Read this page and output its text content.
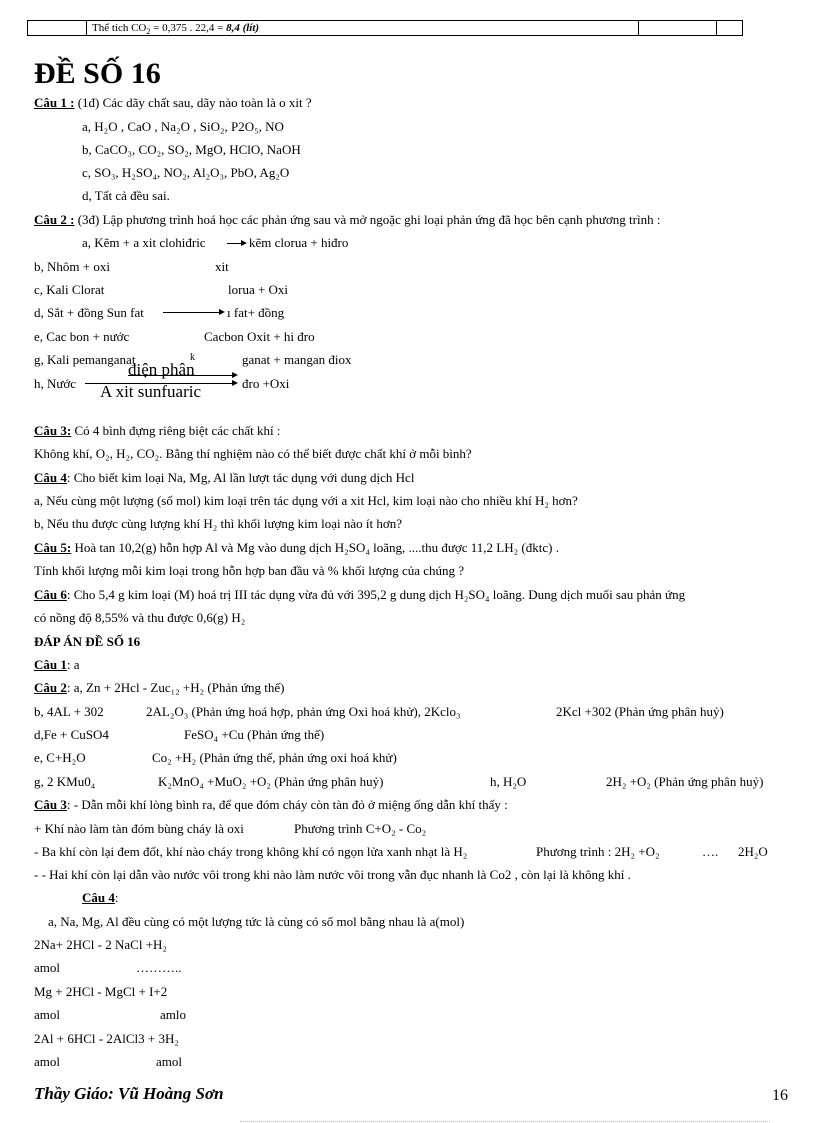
Thể tích $CO_2 = 0,375$ . 22,4 = 8,4 (lít)
ĐỀ SỐ 16
Câu 1 : (1đ) Các dãy chất sau, dãy nào toàn là o xit ?
a, H₂O , CaO , Na₂O , SiO₂, P2O₅, NO
b, CaCO₃, CO₂, SO₂, MgO, HClO, NaOH
c, SO₃, H₂SO₄, NO₂, Al₂O₃, PbO, Ag₂O
d, Tất cả đều sai.
Câu 2 : (3đ) Lập phương trình hoá học các phản ứng sau và mở ngoặc ghi loại phản ứng đã học bên cạnh phương trình :
a, Kẽm + a xit clohiđric → kẽm clorua + hiđro
b, Nhôm + oxi	xit
c, Kali Clorat	lorua + Oxi
d, Sắt + đồng Sun fat	ı fat+ đồng
e, Cac bon + nước	Cacbon Oxit + hi đro
g, Kali pemanganat	k	ganat + mangan điox
điện phân
h, Nước	đro +Oxi
A xit sunfuaric
Câu 3: Có 4 bình đựng riêng biệt các chất khí :
Không khí, O₂, H₂, CO₂. Bằng thí nghiệm nào có thể biết được chất khí ở mỗi bình?
Câu 4: Cho biết kim loại Na, Mg, Al lần lượt tác dụng với dung dịch Hcl
a, Nếu cùng một lượng (số mol) kim loại trên tác dụng với a xit Hcl, kim loại nào cho nhiều khí H₂ hơn?
b, Nếu thu được cùng lượng khí H₂ thì khối lượng kim loại nào ít hơn?
Câu 5: Hoà tan 10,2(g) hỗn hợp Al và Mg vào dung dịch H₂SO₄ loãng, ....thu được 11,2 LH₂ (đktc) .
Tính khối lượng mỗi kim loại trong hỗn hợp ban đầu và % khối lượng của chúng ?
Câu 6: Cho 5,4 g kim loại (M) hoá trị III tác dụng vừa đủ với 395,2 g dung dịch H₂SO₄ loãng. Dung dịch muối sau phản ứng
có nồng độ 8,55% và thu được 0,6(g) H₂
ĐÁP ÁN ĐỀ SỐ 16
Câu 1: a
Câu 2: a, Zn + 2Hcl - Zuc₁₂ +H₂ (Phản ứng thế)
b, 4AL + 302	2AL₂O₃ (Phản ứng hoá hợp, phản ứng Oxi hoá khử), 2Kclo₃	2Kcl +302 (Phản ứng phân huỷ)
d,Fe + CuSO4	FeSO₄ +Cu (Phản ứng thế)
e, C+H₂O	Co₂ +H₂ (Phản ứng thế, phản ứng oxi hoá khử)
g, 2 KMu0₄	K₂MnO₄ +MuO₂ +O₂ (Phản ứng phân huỷ)	h, H₂O	2H₂ +O₂ (Phản ứng phân huỷ)
Câu 3: - Dẫn mỗi khí lòng bình ra, để que đóm cháy còn tàn đỏ ở miệng ống dẫn khí thấy :
+ Khí nào làm tàn đóm bùng cháy là oxi	Phương trình C+O₂ - Co₂
- Ba khí còn lại đem đốt, khí nào cháy trong không khí có ngọn lửa xanh nhạt là H₂	Phương trình : 2H₂ +O₂	…. 2H₂O
- - Hai khí còn lại dẫn vào nước vôi trong khi nào làm nước vôi trong vẫn đục nhanh là Co2 , còn lại là không khí .
Câu 4:
a, Na, Mg, Al đều cùng có một lượng tức là cùng có số mol bằng nhau là a(mol)
2Na+ 2HCl - 2 NaCl +H₂
amol	………..
Mg + 2HCl - MgCl + I+2
amol	amlo
2Al + 6HCl - 2AlCl3 + 3H₂
amol	amol
Thầy Giáo: Vũ Hoàng Sơn	16
